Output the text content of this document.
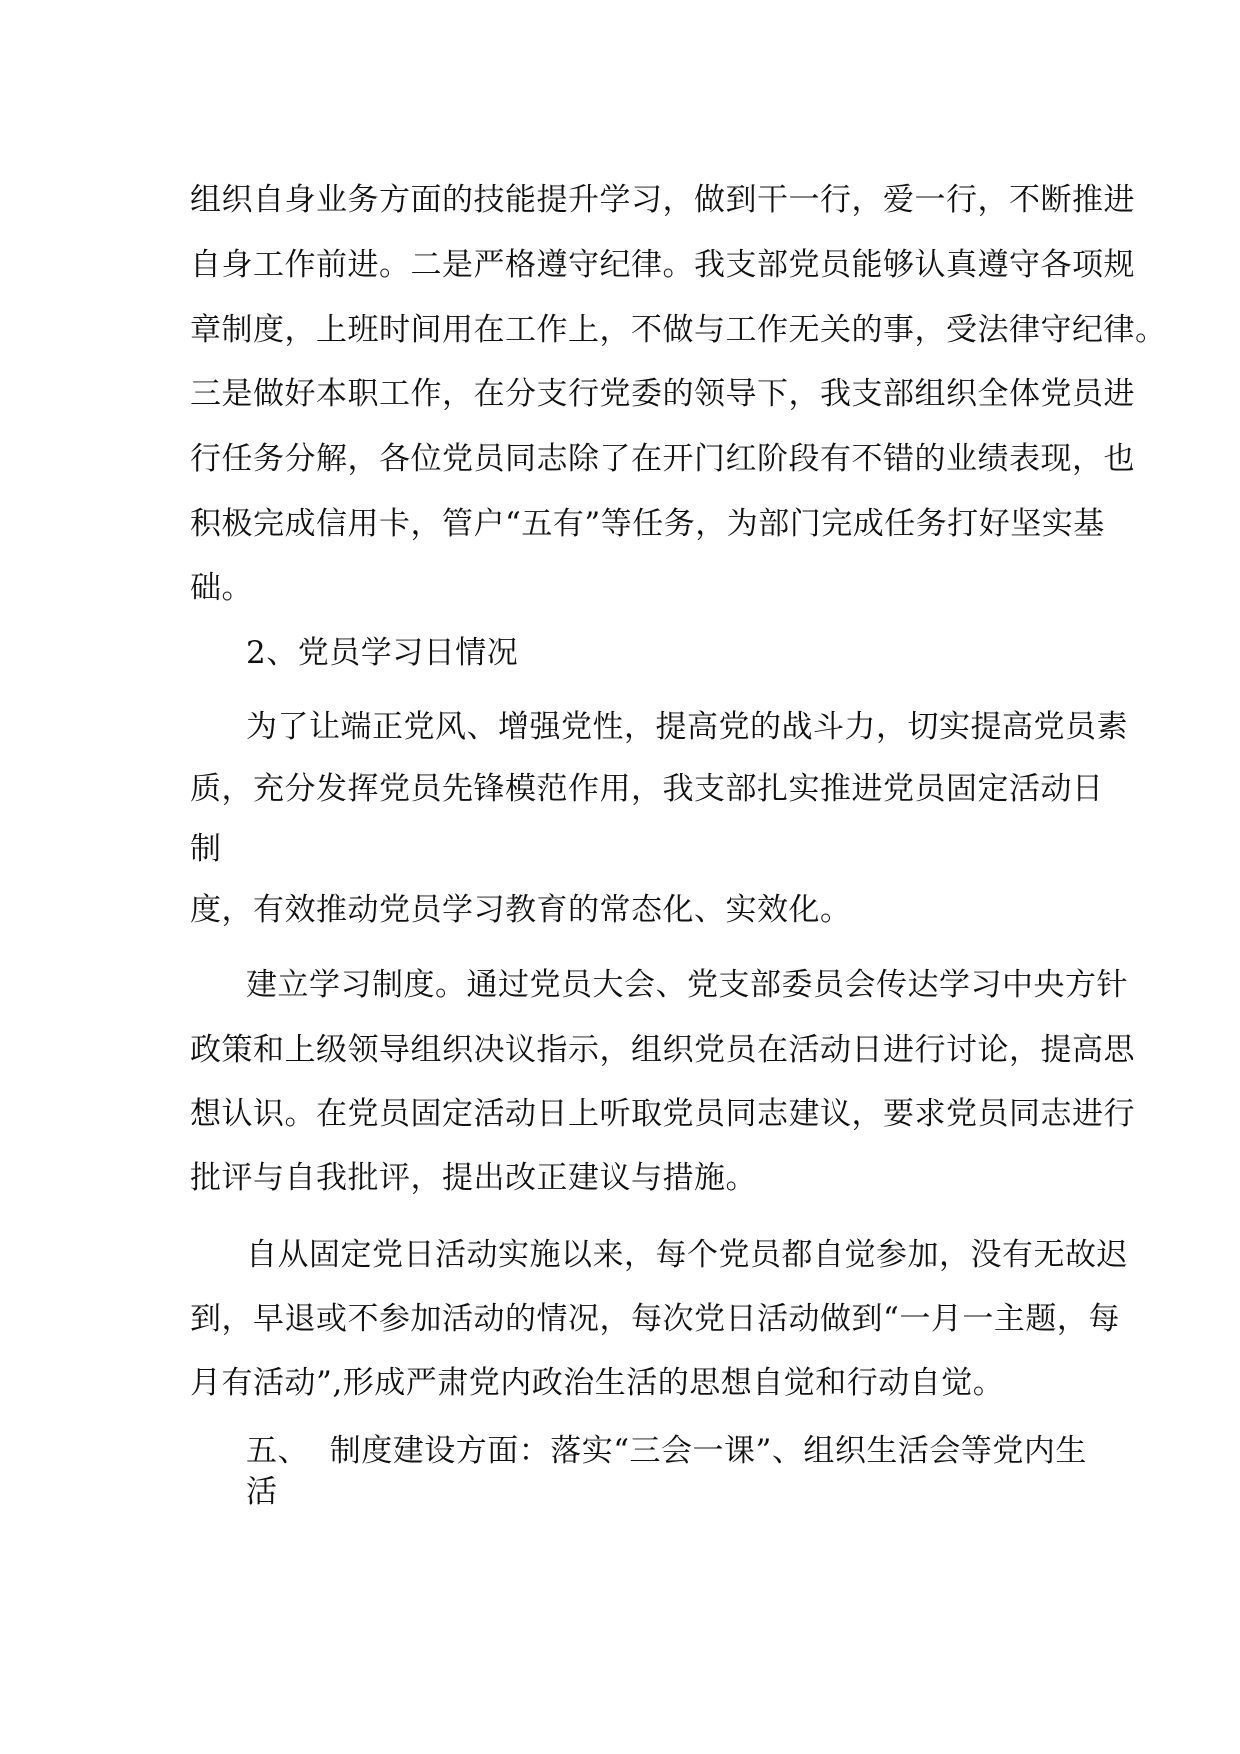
组织自身业务方面的技能提升学习，做到干一行，爱一行，不断推进
自身工作前进。二是严格遵守纪律。我支部党员能够认真遵守各项规
章制度，上班时间用在工作上，不做与工作无关的事，受法律守纪律。
三是做好本职工作，在分支行党委的领导下，我支部组织全体党员进
行任务分解，各位党员同志除了在开门红阶段有不错的业绩表现，也
积极完成信用卡，管户“五有”等任务，为部门完成任务打好坚实基
础。
2、党员学习日情况
为了让端正党风、增强党性，提高党的战斗力，切实提高党员素
质，充分发挥党员先锋模范作用，我支部扎实推进党员固定活动日
制
度，有效推动党员学习教育的常态化、实效化。
建立学习制度。通过党员大会、党支部委员会传达学习中央方针
政策和上级领导组织决议指示，组织党员在活动日进行讨论，提高思
想认识。在党员固定活动日上听取党员同志建议，要求党员同志进行
批评与自我批评，提出改正建议与措施。
自从固定党日活动实施以来，每个党员都自觉参加，没有无故迟
到，早退或不参加活动的情况，每次党日活动做到“一月一主题，每
月有活动”,形成严肃党内政治生活的思想自觉和行动自觉。
五、  制度建设方面：落实“三会一课”、组织生活会等党内生
活
